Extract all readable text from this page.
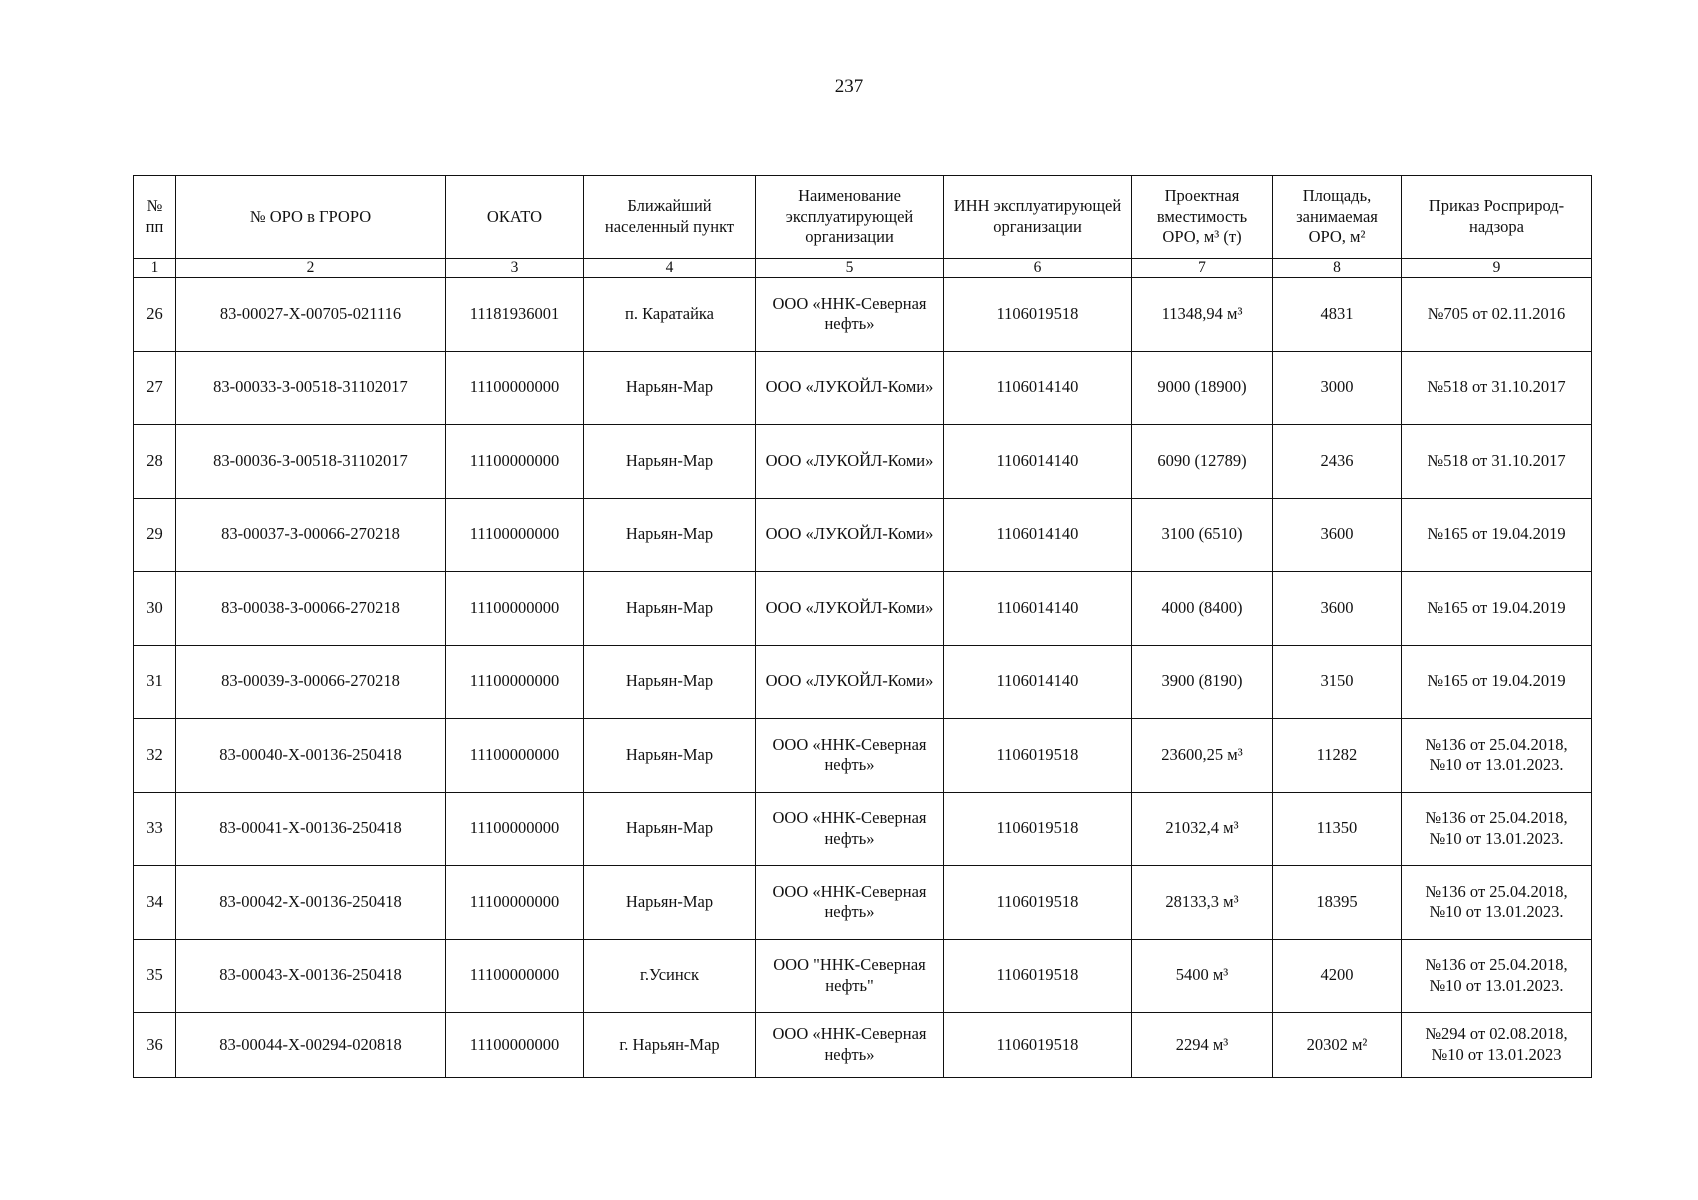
237
№ пп	№ ОРО в ГРОРО	ОКАТО	Ближайший населенный пункт	Наименование эксплуатирующей организации	ИНН эксплуатирующей организации	Проектная вместимость ОРО, м³ (т)	Площадь, занимаемая ОРО, м²	Приказ Росприрод-надзора
1	2	3	4	5	6	7	8	9
26	83-00027-Х-00705-021116	11181936001	п. Каратайка	ООО «ННК-Северная нефть»	1106019518	11348,94 м³	4831	№705 от 02.11.2016
27	83-00033-З-00518-31102017	11100000000	Нарьян-Мар	ООО «ЛУКОЙЛ-Коми»	1106014140	9000 (18900)	3000	№518 от 31.10.2017
28	83-00036-З-00518-31102017	11100000000	Нарьян-Мар	ООО «ЛУКОЙЛ-Коми»	1106014140	6090 (12789)	2436	№518 от 31.10.2017
29	83-00037-З-00066-270218	11100000000	Нарьян-Мар	ООО «ЛУКОЙЛ-Коми»	1106014140	3100 (6510)	3600	№165 от 19.04.2019
30	83-00038-З-00066-270218	11100000000	Нарьян-Мар	ООО «ЛУКОЙЛ-Коми»	1106014140	4000 (8400)	3600	№165 от 19.04.2019
31	83-00039-З-00066-270218	11100000000	Нарьян-Мар	ООО «ЛУКОЙЛ-Коми»	1106014140	3900 (8190)	3150	№165 от 19.04.2019
32	83-00040-Х-00136-250418	11100000000	Нарьян-Мар	ООО «ННК-Северная нефть»	1106019518	23600,25 м³	11282	№136 от 25.04.2018, №10 от 13.01.2023.
33	83-00041-Х-00136-250418	11100000000	Нарьян-Мар	ООО «ННК-Северная нефть»	1106019518	21032,4 м³	11350	№136 от 25.04.2018, №10 от 13.01.2023.
34	83-00042-Х-00136-250418	11100000000	Нарьян-Мар	ООО «ННК-Северная нефть»	1106019518	28133,3 м³	18395	№136 от 25.04.2018, №10 от 13.01.2023.
35	83-00043-Х-00136-250418	11100000000	г.Усинск	ООО "ННК-Северная нефть"	1106019518	5400 м³	4200	№136 от 25.04.2018, №10 от 13.01.2023.
36	83-00044-Х-00294-020818	11100000000	г. Нарьян-Мар	ООО «ННК-Северная нефть»	1106019518	2294 м³	20302 м²	№294 от 02.08.2018, №10 от 13.01.2023
